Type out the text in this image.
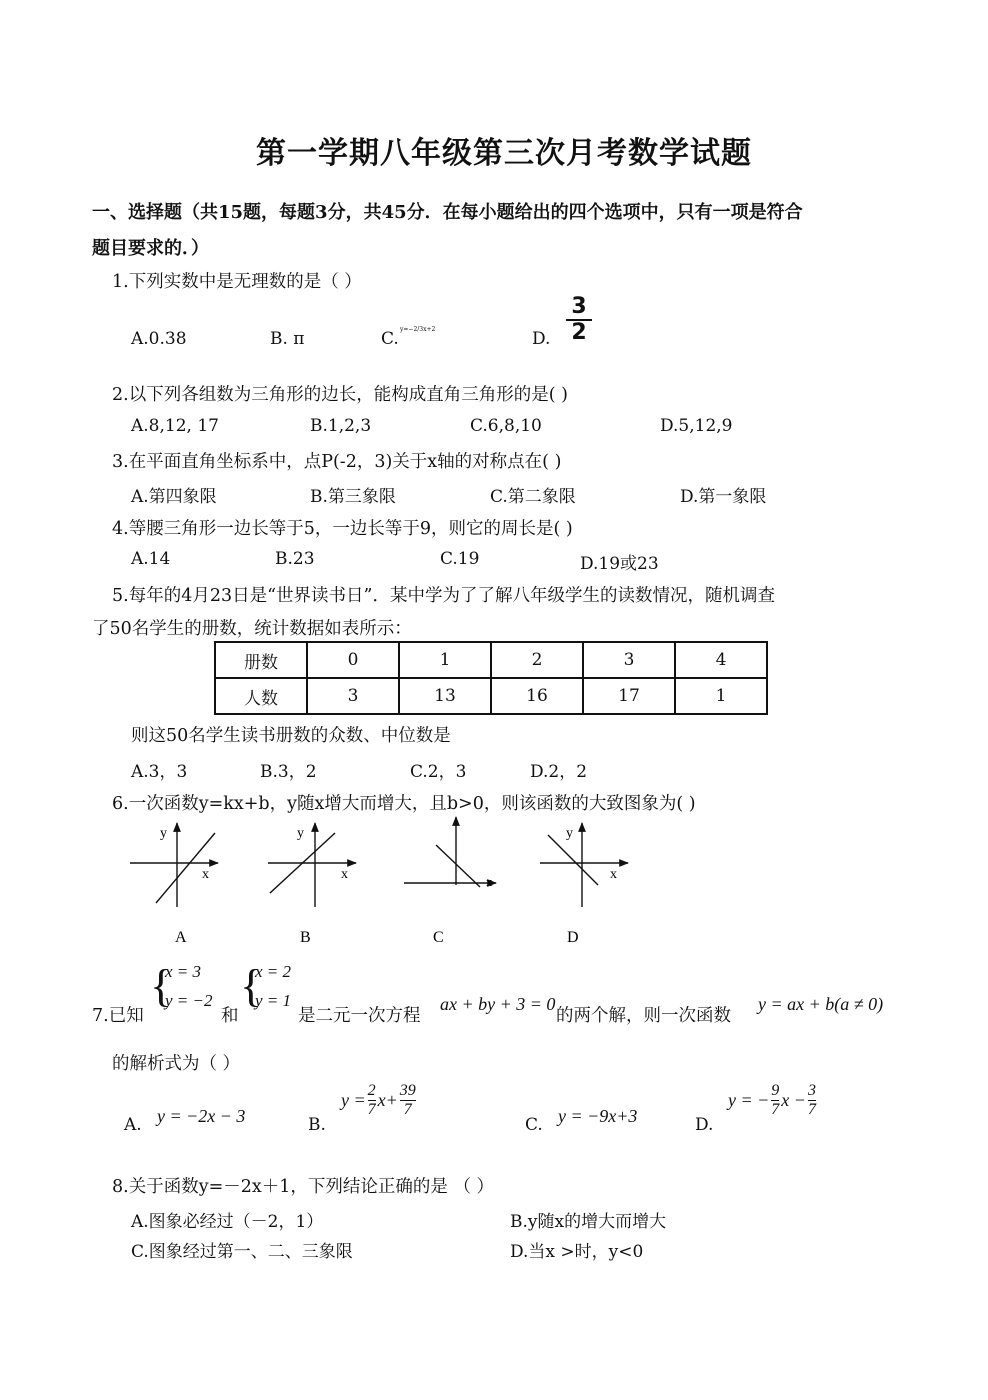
第一学期八年级第三次月考数学试题
一、选择题（共15题，每题3分，共45分．在每小题给出的四个选项中，只有一项是符合
题目要求的．）
1.下列实数中是无理数的是（ ）
A.0.38	B. π	C. y=−2/3x+2	D.
3
2
2.以下列各组数为三角形的边长，能构成直角三角形的是( )
A.8,12, 17	B.1,2,3	C.6,8,10	D.5,12,9
3.在平面直角坐标系中，点P(-2，3)关于x轴的对称点在( )
A.第四象限	B.第三象限	C.第二象限	D.第一象限
4.等腰三角形一边长等于5，一边长等于9，则它的周长是( )
A.14	B.23	C.19	D.19或23
5.每年的4月23日是“世界读书日”．某中学为了了解八年级学生的读数情况，随机调查
了50名学生的册数，统计数据如表所示：
册数	0	1	2	3	4
人数	3	13	16	17	1
则这50名学生读书册数的众数、中位数是
A.3，3	B.3，2	C.2，3	D.2，2
6.一次函数y=kx+b，y随x增大而增大，且b>0，则该函数的大致图象为( )
y
x
y
x	x
y
x
A	B	C	D
7.已知
{
x = 3
y = −2
和
{
x = 2
y = 1
是二元一次方程
ax + by + 3 = 0
的两个解，则一次函数
y = ax + b(a ≠ 0)
的解析式为（ ）
A. y = −2x − 3	B.
$y = \frac{2}{7} x+ \frac{39}{7}$
C. y = −9x+3	D.
y = − $\frac{9}{7}$ $x - \frac{3}{7}$
8.关于函数y=－2x＋1，下列结论正确的是 （ ）
A.图象必经过（－2，1）	B.y随x的增大而增大
C.图象经过第一、二、三象限	D.当x >时，y<0
